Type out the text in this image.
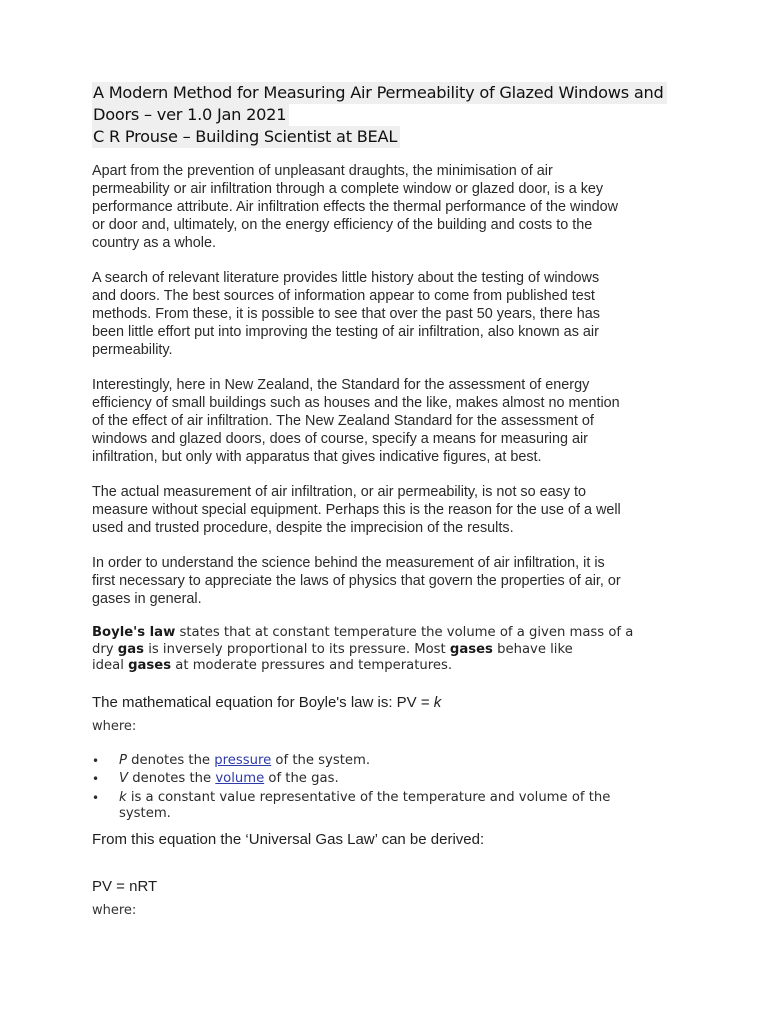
A Modern Method for Measuring Air Permeability of Glazed Windows and
Doors – ver 1.0 Jan 2021
C R Prouse – Building Scientist at BEAL

Apart from the prevention of unpleasant draughts, the minimisation of air
permeability or air infiltration through a complete window or glazed door, is a key
performance attribute. Air infiltration effects the thermal performance of the window
or door and, ultimately, on the energy efficiency of the building and costs to the
country as a whole.

A search of relevant literature provides little history about the testing of windows
and doors. The best sources of information appear to come from published test
methods. From these, it is possible to see that over the past 50 years, there has
been little effort put into improving the testing of air infiltration, also known as air
permeability.

Interestingly, here in New Zealand, the Standard for the assessment of energy
efficiency of small buildings such as houses and the like, makes almost no mention
of the effect of air infiltration. The New Zealand Standard for the assessment of
windows and glazed doors, does of course, specify a means for measuring air
infiltration, but only with apparatus that gives indicative figures, at best.

The actual measurement of air infiltration, or air permeability, is not so easy to
measure without special equipment. Perhaps this is the reason for the use of a well
used and trusted procedure, despite the imprecision of the results.

In order to understand the science behind the measurement of air infiltration, it is
first necessary to appreciate the laws of physics that govern the properties of air, or
gases in general.

Boyle's law states that at constant temperature the volume of a given mass of a
dry gas is inversely proportional to its pressure. Most gases behave like
ideal gases at moderate pressures and temperatures.

The mathematical equation for Boyle's law is: PV = k

where:

• P denotes the pressure of the system.
• V denotes the volume of the gas.
• k is a constant value representative of the temperature and volume of the
system.

From this equation the ‘Universal Gas Law’ can be derived:

PV = nRT

where:
